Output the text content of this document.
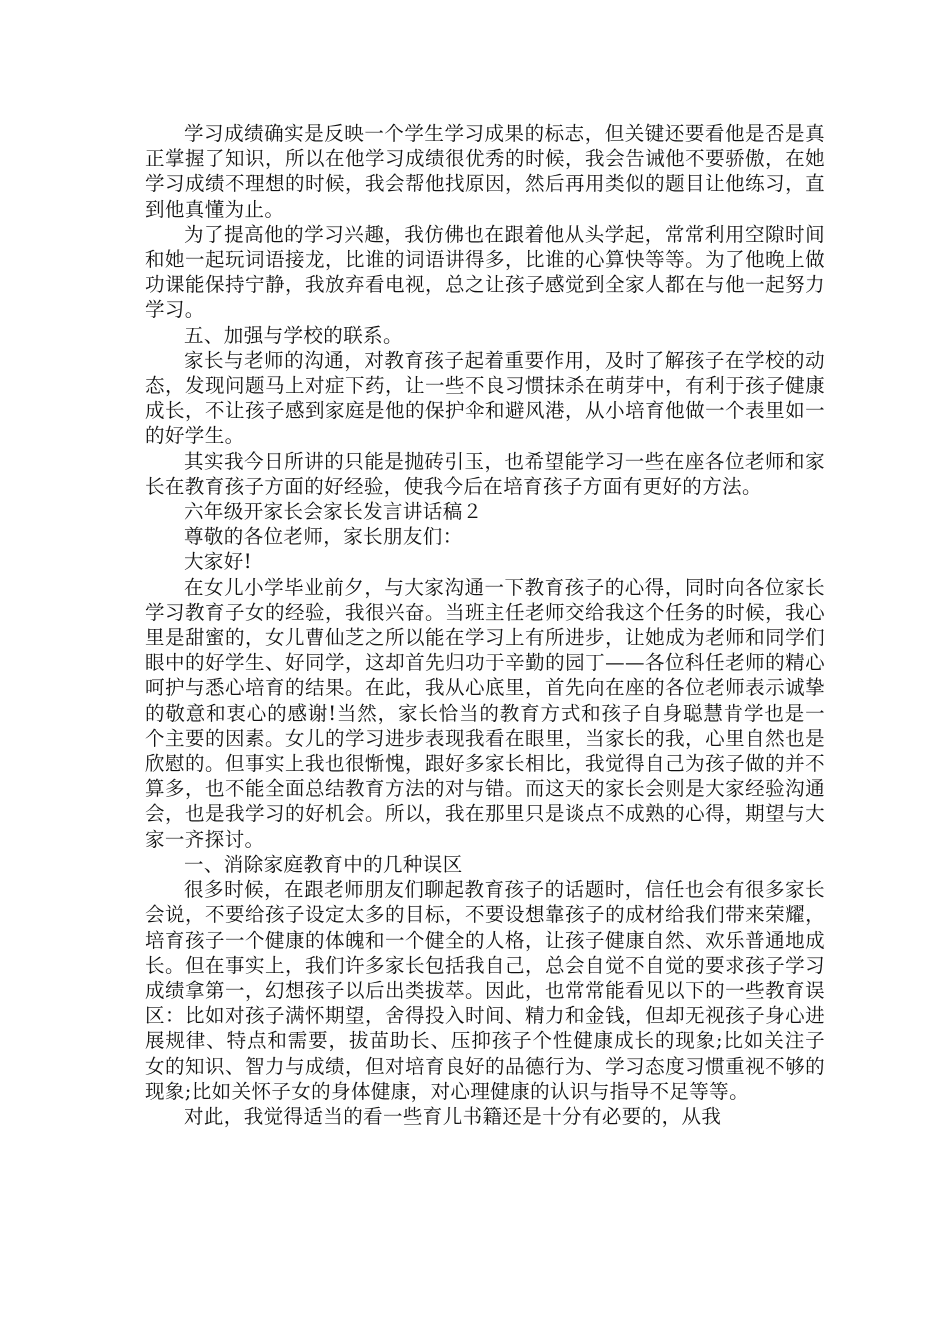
学习成绩确实是反映一个学生学习成果的标志，但关键还要看他是否是真正掌握了知识，所以在他学习成绩很优秀的时候，我会告诫他不要骄傲，在她学习成绩不理想的时候，我会帮他找原因，然后再用类似的题目让他练习，直到他真懂为止。

为了提高他的学习兴趣，我仿佛也在跟着他从头学起，常常利用空隙时间和她一起玩词语接龙，比谁的词语讲得多，比谁的心算快等等。为了他晚上做功课能保持宁静，我放弃看电视，总之让孩子感觉到全家人都在与他一起努力学习。

五、加强与学校的联系。

家长与老师的沟通，对教育孩子起着重要作用，及时了解孩子在学校的动态，发现问题马上对症下药，让一些不良习惯抹杀在萌芽中，有利于孩子健康成长，不让孩子感到家庭是他的保护伞和避风港，从小培育他做一个表里如一的好学生。

其实我今日所讲的只能是抛砖引玉，也希望能学习一些在座各位老师和家长在教育孩子方面的好经验，使我今后在培育孩子方面有更好的方法。

六年级开家长会家长发言讲话稿２

尊敬的各位老师，家长朋友们：

大家好!

在女儿小学毕业前夕，与大家沟通一下教育孩子的心得，同时向各位家长学习教育子女的经验，我很兴奋。当班主任老师交给我这个任务的时候，我心里是甜蜜的，女儿曹仙芝之所以能在学习上有所进步，让她成为老师和同学们眼中的好学生、好同学，这却首先归功于辛勤的园丁——各位科任老师的精心呵护与悉心培育的结果。在此，我从心底里，首先向在座的各位老师表示诚挚的敬意和衷心的感谢!当然，家长恰当的教育方式和孩子自身聪慧肯学也是一个主要的因素。女儿的学习进步表现我看在眼里，当家长的我，心里自然也是欣慰的。但事实上我也很惭愧，跟好多家长相比，我觉得自己为孩子做的并不算多，也不能全面总结教育方法的对与错。而这天的家长会则是大家经验沟通会，也是我学习的好机会。所以，我在那里只是谈点不成熟的心得，期望与大家一齐探讨。

一、消除家庭教育中的几种误区

很多时候，在跟老师朋友们聊起教育孩子的话题时，信任也会有很多家长会说，不要给孩子设定太多的目标，不要设想靠孩子的成材给我们带来荣耀，培育孩子一个健康的体魄和一个健全的人格，让孩子健康自然、欢乐普通地成长。但在事实上，我们许多家长包括我自己，总会自觉不自觉的要求孩子学习成绩拿第一，幻想孩子以后出类拔萃。因此，也常常能看见以下的一些教育误区：比如对孩子满怀期望，舍得投入时间、精力和金钱，但却无视孩子身心进展规律、特点和需要，拔苗助长、压抑孩子个性健康成长的现象;比如关注子女的知识、智力与成绩，但对培育良好的品德行为、学习态度习惯重视不够的现象;比如关怀子女的身体健康，对心理健康的认识与指导不足等等。

对此，我觉得适当的看一些育儿书籍还是十分有必要的，从我
